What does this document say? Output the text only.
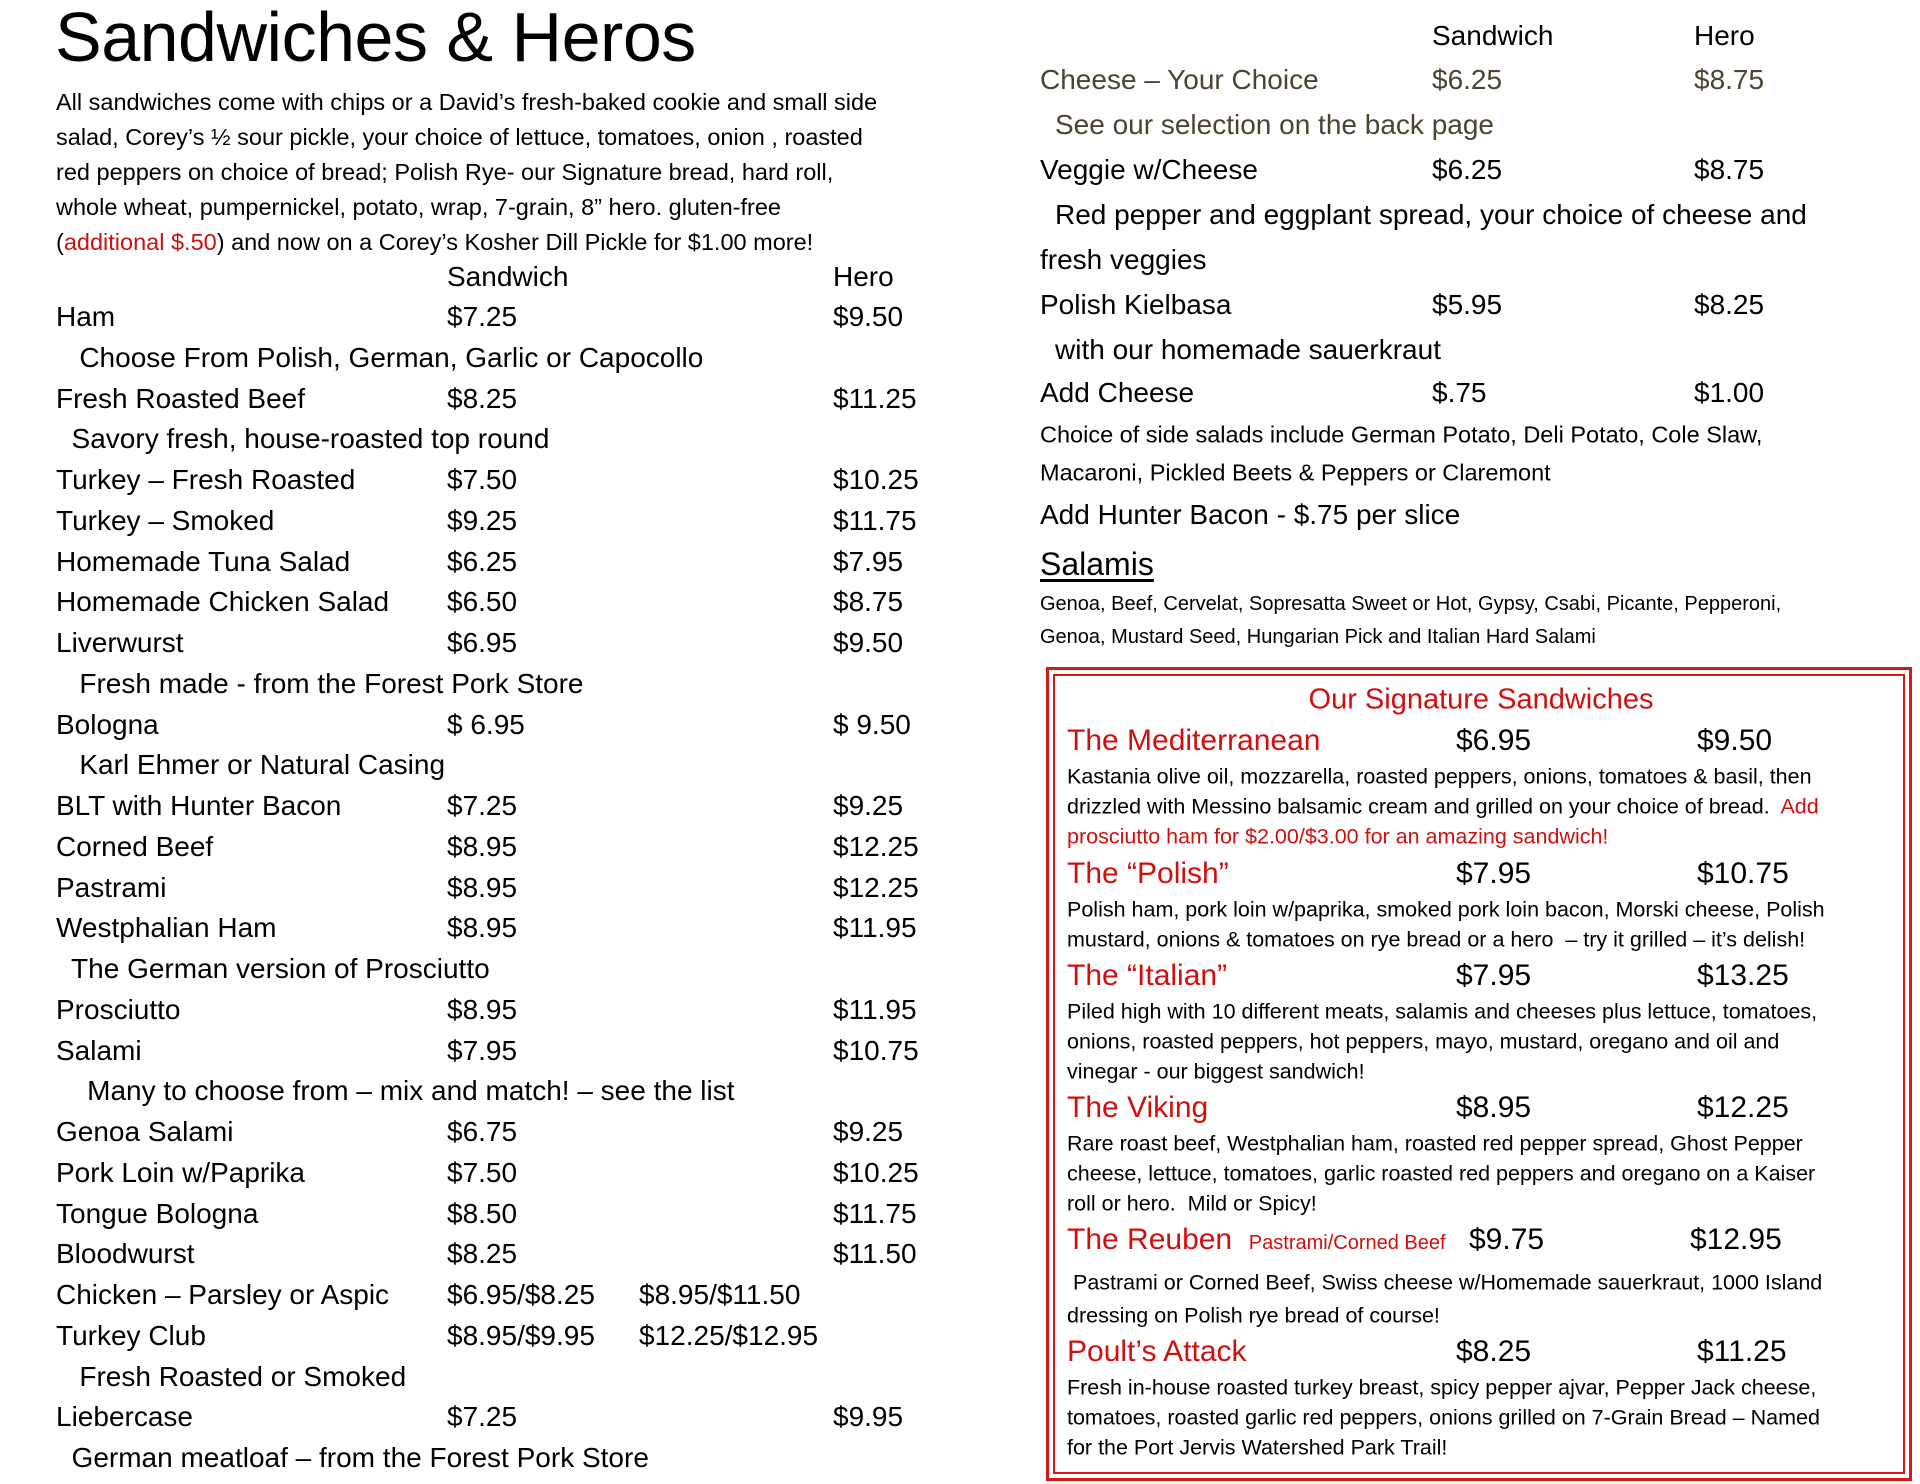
Sandwiches & Heros
All sandwiches come with chips or a David’s fresh-baked cookie and small side
salad, Corey’s ½ sour pickle, your choice of lettuce, tomatoes, onion , roasted
red peppers on choice of bread; Polish Rye- our Signature bread, hard roll,
whole wheat, pumpernickel, potato, wrap, 7-grain, 8” hero. gluten-free
(additional $.50) and now on a Corey’s Kosher Dill Pickle for $1.00 more!
Sandwich	Hero
Ham	$7.25	$9.50
Choose From Polish, German, Garlic or Capocollo
Fresh Roasted Beef	$8.25	$11.25
Savory fresh, house-roasted top round
Turkey – Fresh Roasted	$7.50	$10.25
Turkey – Smoked	$9.25	$11.75
Homemade Tuna Salad	$6.25	$7.95
Homemade Chicken Salad $6.50	$8.75
Liverwurst	$6.95	$9.50
Fresh made - from the Forest Pork Store
Bologna	$ 6.95	$ 9.50
Karl Ehmer or Natural Casing
BLT with Hunter Bacon	$7.25	$9.25
Corned Beef	$8.95	$12.25
Pastrami	$8.95	$12.25
Westphalian Ham	$8.95	$11.95
The German version of Prosciutto
Prosciutto	$8.95	$11.95
Salami	$7.95	$10.75
Many to choose from – mix and match! – see the list
Genoa Salami	$6.75	$9.25
Pork Loin w/Paprika	$7.50	$10.25
Tongue Bologna	$8.50	$11.75
Bloodwurst	$8.25	$11.50
Chicken – Parsley or Aspic $6.95/$8.25 $8.95/$11.50
Turkey Club	$8.95/$9.95 $12.25/$12.95
Fresh Roasted or Smoked
Liebercase	$7.25	$9.95
German meatloaf – from the Forest Pork Store
Sandwich	Hero
Cheese – Your Choice	$6.25	$8.75
See our selection on the back page
Veggie w/Cheese	$6.25	$8.75
Red pepper and eggplant spread, your choice of cheese and
fresh veggies
Polish Kielbasa	$5.95	$8.25
with our homemade sauerkraut
Add Cheese	$.75	$1.00
Choice of side salads include German Potato, Deli Potato, Cole Slaw,
Macaroni, Pickled Beets & Peppers or Claremont
Add Hunter Bacon - $.75 per slice
Salamis
Genoa, Beef, Cervelat, Sopresatta Sweet or Hot, Gypsy, Csabi, Picante, Pepperoni,
Genoa, Mustard Seed, Hungarian Pick and Italian Hard Salami
Our Signature Sandwiches
The Mediterranean	$6.95	$9.50
Kastania olive oil, mozzarella, roasted peppers, onions, tomatoes & basil, then
drizzled with Messino balsamic cream and grilled on your choice of bread.  Add
prosciutto ham for $2.00/$3.00 for an amazing sandwich!
The “Polish”	$7.95	$10.75
Polish ham, pork loin w/paprika, smoked pork loin bacon, Morski cheese, Polish
mustard, onions & tomatoes on rye bread or a hero  – try it grilled – it’s delish!
The “Italian”	$7.95	$13.25
Piled high with 10 different meats, salamis and cheeses plus lettuce, tomatoes,
onions, roasted peppers, hot peppers, mayo, mustard, oregano and oil and
vinegar - our biggest sandwich!
The Viking	$8.95	$12.25
Rare roast beef, Westphalian ham, roasted red pepper spread, Ghost Pepper
cheese, lettuce, tomatoes, garlic roasted red peppers and oregano on a Kaiser
roll or hero.  Mild or Spicy!
The Reuben Pastrami/Corned Beef $9.75	$12.95
Pastrami or Corned Beef, Swiss cheese w/Homemade sauerkraut, 1000 Island
dressing on Polish rye bread of course!
Poult’s Attack	$8.25	$11.25
Fresh in-house roasted turkey breast, spicy pepper ajvar, Pepper Jack cheese,
tomatoes, roasted garlic red peppers, onions grilled on 7-Grain Bread – Named
for the Port Jervis Watershed Park Trail!
